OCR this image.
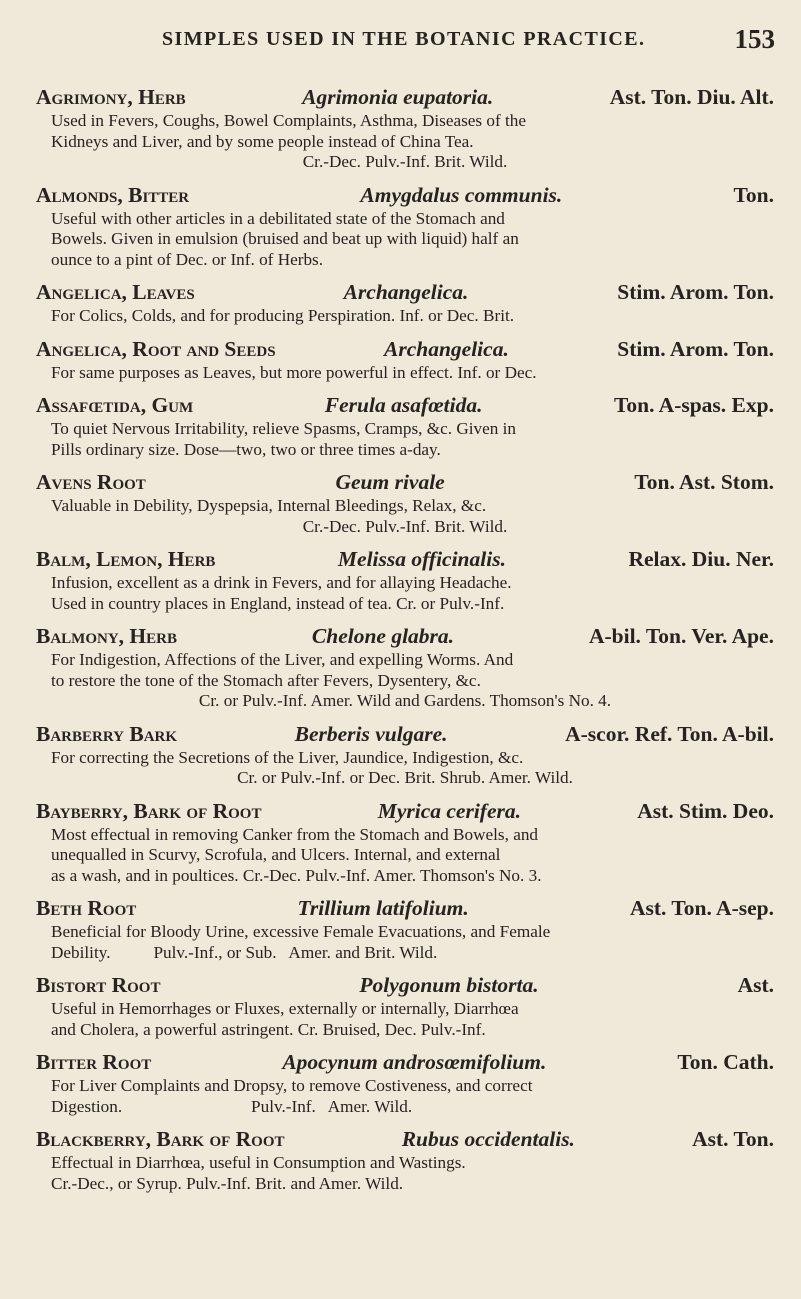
SIMPLES USED IN THE BOTANIC PRACTICE.	153
Agrimony, Herb	Agrimonia eupatoria.	Ast. Ton. Diu. Alt.
Used in Fevers, Coughs, Bowel Complaints, Asthma, Diseases of the
Kidneys and Liver, and by some people instead of China Tea.
Cr.-Dec. Pulv.-Inf. Brit. Wild.
Almonds, Bitter	Amygdalus communis.	Ton.
Useful with other articles in a debilitated state of the Stomach and
Bowels. Given in emulsion (bruised and beat up with liquid) half an
ounce to a pint of Dec. or Inf. of Herbs.
Angelica, Leaves	Archangelica.	Stim. Arom. Ton.
For Colics, Colds, and for producing Perspiration. Inf. or Dec. Brit.
Angelica, Root and Seeds	Archangelica.	Stim. Arom. Ton.
For same purposes as Leaves, but more powerful in effect. Inf. or Dec.
Assafœtida, Gum	Ferula asafœtida.	Ton. A-spas. Exp.
To quiet Nervous Irritability, relieve Spasms, Cramps, &c. Given in
Pills ordinary size. Dose—two, two or three times a-day.
Avens Root	Geum rivale	Ton. Ast. Stom.
Valuable in Debility, Dyspepsia, Internal Bleedings, Relax, &c.
Cr.-Dec. Pulv.-Inf. Brit. Wild.
Balm, Lemon, Herb	Melissa officinalis.	Relax. Diu. Ner.
Infusion, excellent as a drink in Fevers, and for allaying Headache.
Used in country places in England, instead of tea. Cr. or Pulv.-Inf.
Balmony, Herb	Chelone glabra.	A-bil. Ton. Ver. Ape.
For Indigestion, Affections of the Liver, and expelling Worms. And
to restore the tone of the Stomach after Fevers, Dysentery, &c.
Cr. or Pulv.-Inf. Amer. Wild and Gardens. Thomson's No. 4.
Barberry Bark	Berberis vulgare.	A-scor. Ref. Ton. A-bil.
For correcting the Secretions of the Liver, Jaundice, Indigestion, &c.
Cr. or Pulv.-Inf. or Dec. Brit. Shrub. Amer. Wild.
Bayberry, Bark of Root	Myrica cerifera.	Ast. Stim. Deo.
Most effectual in removing Canker from the Stomach and Bowels, and
unequalled in Scurvy, Scrofula, and Ulcers. Internal, and external
as a wash, and in poultices. Cr.-Dec. Pulv.-Inf. Amer. Thomson's No. 3.
Beth Root	Trillium latifolium.	Ast. Ton. A-sep.
Beneficial for Bloody Urine, excessive Female Evacuations, and Female
Debility.          Pulv.-Inf., or Sub.   Amer. and Brit. Wild.
Bistort Root	Polygonum bistorta.	Ast.
Useful in Hemorrhages or Fluxes, externally or internally, Diarrhœa
and Cholera, a powerful astringent. Cr. Bruised, Dec. Pulv.-Inf.
Bitter Root	Apocynum androsœmifolium.	Ton. Cath.
For Liver Complaints and Dropsy, to remove Costiveness, and correct
Digestion.                              Pulv.-Inf.   Amer. Wild.
Blackberry, Bark of Root	Rubus occidentalis.	Ast. Ton.
Effectual in Diarrhœa, useful in Consumption and Wastings.
Cr.-Dec., or Syrup. Pulv.-Inf. Brit. and Amer. Wild.
